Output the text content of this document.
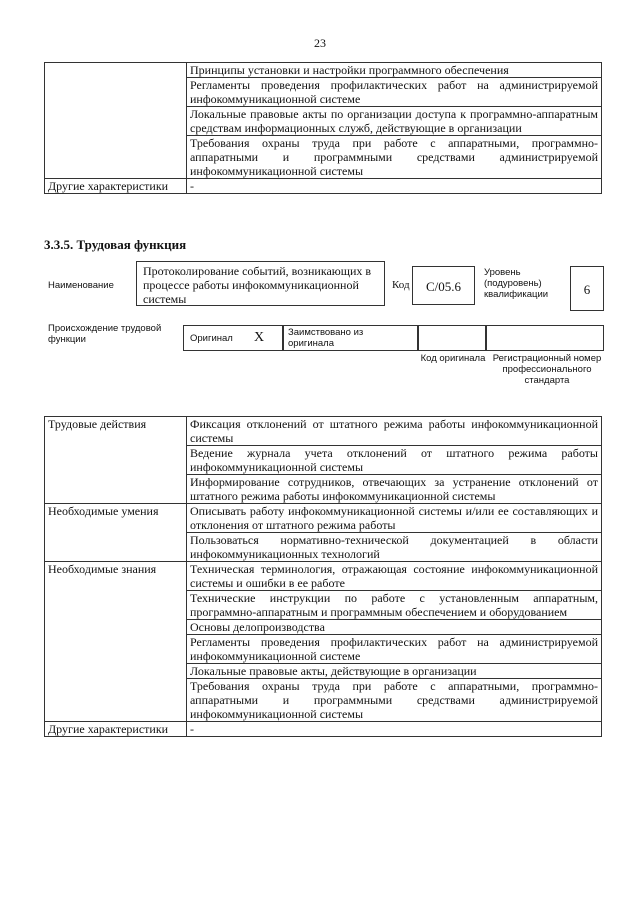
23
	Принципы установки и настройки программного обеспечения
	Регламенты проведения профилактических работ на администрируемой инфокоммуникационной системе
	Локальные правовые акты по организации доступа к программно-аппаратным средствам информационных служб, действующие в организации
	Требования охраны труда при работе с аппаратными, программно-аппаратными и программными средствами администрируемой инфокоммуникационной системы
Другие характеристики	-
3.3.5. Трудовая функция
Наименование
Протоколирование событий, возникающих в процессе работы инфокоммуникационной системы
Код	C/05.6
Уровень (подуровень) квалификации	6
Происхождение трудовой функции	Оригинал X	Заимствовано из оригинала
Код оригинала Регистрационный номер профессионального стандарта
Трудовые действия	Фиксация отклонений от штатного режима работы инфокоммуникационной системы
	Ведение журнала учета отклонений от штатного режима работы инфокоммуникационной системы
	Информирование сотрудников, отвечающих за устранение отклонений от штатного режима работы инфокоммуникационной системы
Необходимые умения	Описывать работу инфокоммуникационной системы и/или ее составляющих и отклонения от штатного режима работы
	Пользоваться нормативно-технической документацией в области инфокоммуникационных технологий
Необходимые знания	Техническая терминология, отражающая состояние инфокоммуникационной системы и ошибки в ее работе
	Технические инструкции по работе с установленным аппаратным, программно-аппаратным и программным обеспечением и оборудованием
	Основы делопроизводства
	Регламенты проведения профилактических работ на администрируемой инфокоммуникационной системе
	Локальные правовые акты, действующие в организации
	Требования охраны труда при работе с аппаратными, программно-аппаратными и программными средствами администрируемой инфокоммуникационной системы
Другие характеристики	-
